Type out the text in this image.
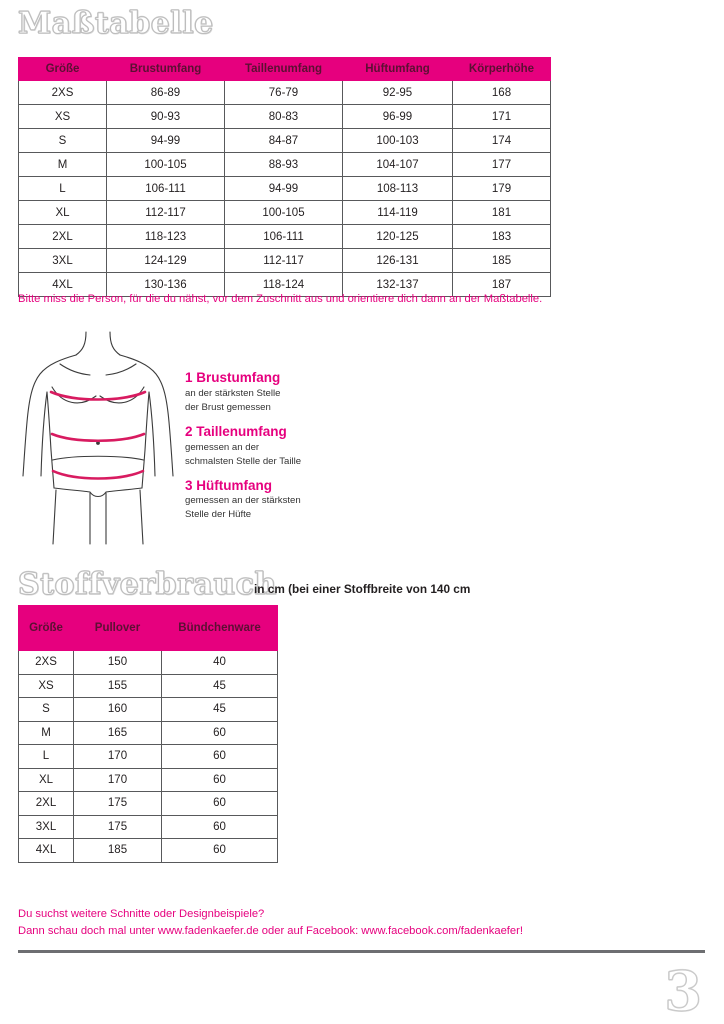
Maßtabelle
Größe	Brustumfang	Taillenumfang	Hüftumfang	Körperhöhe
2XS	86-89	76-79	92-95	168
XS	90-93	80-83	96-99	171
S	94-99	84-87	100-103	174
M	100-105	88-93	104-107	177
L	106-111	94-99	108-113	179
XL	112-117	100-105	114-119	181
2XL	118-123	106-111	120-125	183
3XL	124-129	112-117	126-131	185
4XL	130-136	118-124	132-137	187
Bitte miss die Person, für die du nähst, vor dem Zuschnitt aus und orientiere dich dann an der Maßtabelle.
1 Brustumfang
an der stärksten Stelle
der Brust gemessen
2 Taillenumfang
gemessen an der
schmalsten Stelle der Taille
3 Hüftumfang
gemessen an der stärksten
Stelle der Hüfte
Stoffverbrauch
in cm (bei einer Stoffbreite von 140 cm
Größe	Pullover	Bündchenware
2XS	150	40
XS	155	45
S	160	45
M	165	60
L	170	60
XL	170	60
2XL	175	60
3XL	175	60
4XL	185	60
Du suchst weitere Schnitte oder Designbeispiele?
Dann schau doch mal unter www.fadenkaefer.de oder auf Facebook: www.facebook.com/fadenkaefer!
3
